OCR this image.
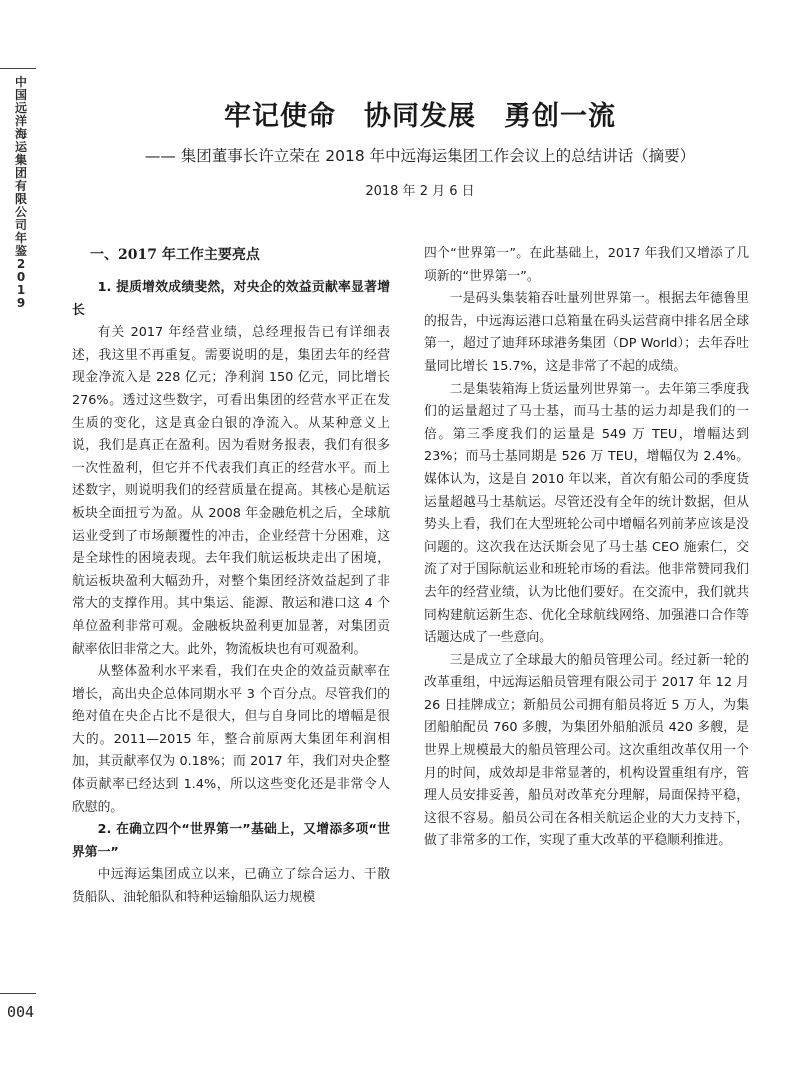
中国远洋海运集团有限公司年鉴2019
004
牢记使命　协同发展　勇创一流
—— 集团董事长许立荣在 2018 年中远海运集团工作会议上的总结讲话（摘要）
2018 年 2 月 6 日
一、2017 年工作主要亮点

1. 提质增效成绩斐然，对央企的效益贡献率显著增长

有关 2017 年经营业绩，总经理报告已有详细表述，我这里不再重复。需要说明的是，集团去年的经营现金净流入是 228 亿元；净利润 150 亿元，同比增长 276%。透过这些数字，可看出集团的经营水平正在发生质的变化，这是真金白银的净流入。从某种意义上说，我们是真正在盈利。因为看财务报表，我们有很多一次性盈利，但它并不代表我们真正的经营水平。而上述数字，则说明我们的经营质量在提高。其核心是航运板块全面扭亏为盈。从 2008 年金融危机之后，全球航运业受到了市场颠覆性的冲击，企业经营十分困难，这是全球性的困境表现。去年我们航运板块走出了困境，航运板块盈利大幅劲升，对整个集团经济效益起到了非常大的支撑作用。其中集运、能源、散运和港口这 4 个单位盈利非常可观。金融板块盈利更加显著，对集团贡献率依旧非常之大。此外，物流板块也有可观盈利。

从整体盈利水平来看，我们在央企的效益贡献率在增长，高出央企总体同期水平 3 个百分点。尽管我们的绝对值在央企占比不是很大，但与自身同比的增幅是很大的。2011—2015 年，整合前原两大集团年利润相加，其贡献率仅为 0.18%；而 2017 年，我们对央企整体贡献率已经达到 1.4%，所以这些变化还是非常令人欣慰的。

2. 在确立四个“世界第一”基础上，又增添多项“世界第一”

中远海运集团成立以来，已确立了综合运力、干散货船队、油轮船队和特种运输船队运力规模

四个“世界第一”。在此基础上，2017 年我们又增添了几项新的“世界第一”。

一是码头集装箱吞吐量列世界第一。根据去年德鲁里的报告，中远海运港口总箱量在码头运营商中排名居全球第一，超过了迪拜环球港务集团（DP World）；去年吞吐量同比增长 15.7%，这是非常了不起的成绩。

二是集装箱海上货运量列世界第一。去年第三季度我们的运量超过了马士基，而马士基的运力却是我们的一倍。第三季度我们的运量是 549 万 TEU，增幅达到 23%；而马士基同期是 526 万 TEU，增幅仅为 2.4%。媒体认为，这是自 2010 年以来，首次有船公司的季度货运量超越马士基航运。尽管还没有全年的统计数据，但从势头上看，我们在大型班轮公司中增幅名列前茅应该是没问题的。这次我在达沃斯会见了马士基 CEO 施索仁，交流了对于国际航运业和班轮市场的看法。他非常赞同我们去年的经营业绩，认为比他们要好。在交流中，我们就共同构建航运新生态、优化全球航线网络、加强港口合作等话题达成了一些意向。

三是成立了全球最大的船员管理公司。经过新一轮的改革重组，中远海运船员管理有限公司于 2017 年 12 月 26 日挂牌成立；新船员公司拥有船员将近 5 万人，为集团船舶配员 760 多艘，为集团外船舶派员 420 多艘，是世界上规模最大的船员管理公司。这次重组改革仅用一个月的时间，成效却是非常显著的，机构设置重组有序，管理人员安排妥善，船员对改革充分理解，局面保持平稳，这很不容易。船员公司在各相关航运企业的大力支持下，做了非常多的工作，实现了重大改革的平稳顺利推进。
